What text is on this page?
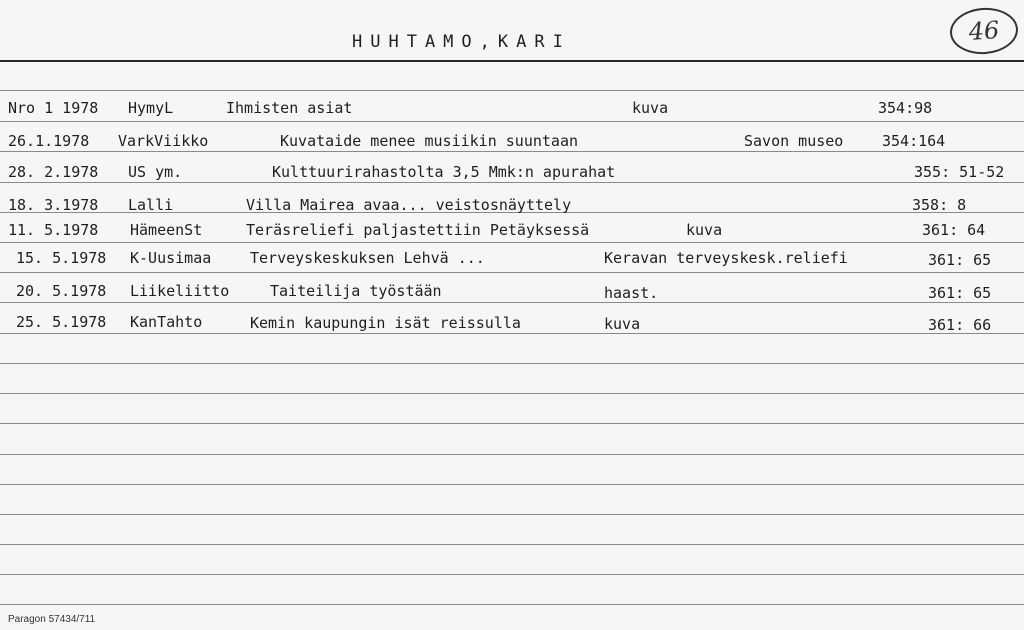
HUHTAMO,KARI	46
Nro 1 1978 HymyL	Ihmisten asiat	kuva	354:98
26.1.1978 VarkViikko	Kuvataide menee musiikin suuntaan	Savon museo	354:164
28. 2.1978 US ym.	Kulttuurirahastolta 3,5 Mmk:n apurahat	355: 51-52
18. 3.1978 Lalli	Villa Mairea avaa... veistosnäyttely	358: 8
11. 5.1978 HämeenSt	Teräsreliefi paljastettiin Petäyksessä	kuva	361: 64
15. 5.1978 K-Uusimaa	Terveyskeskuksen Lehvä ...	Keravan terveyskesk.reliefi	361: 65
20. 5.1978 Liikeliitto	Taiteilija työstään	haast.	361: 65
25. 5.1978 KanTahto	Kemin kaupungin isät reissulla	kuva	361: 66
Paragon 57434/711
